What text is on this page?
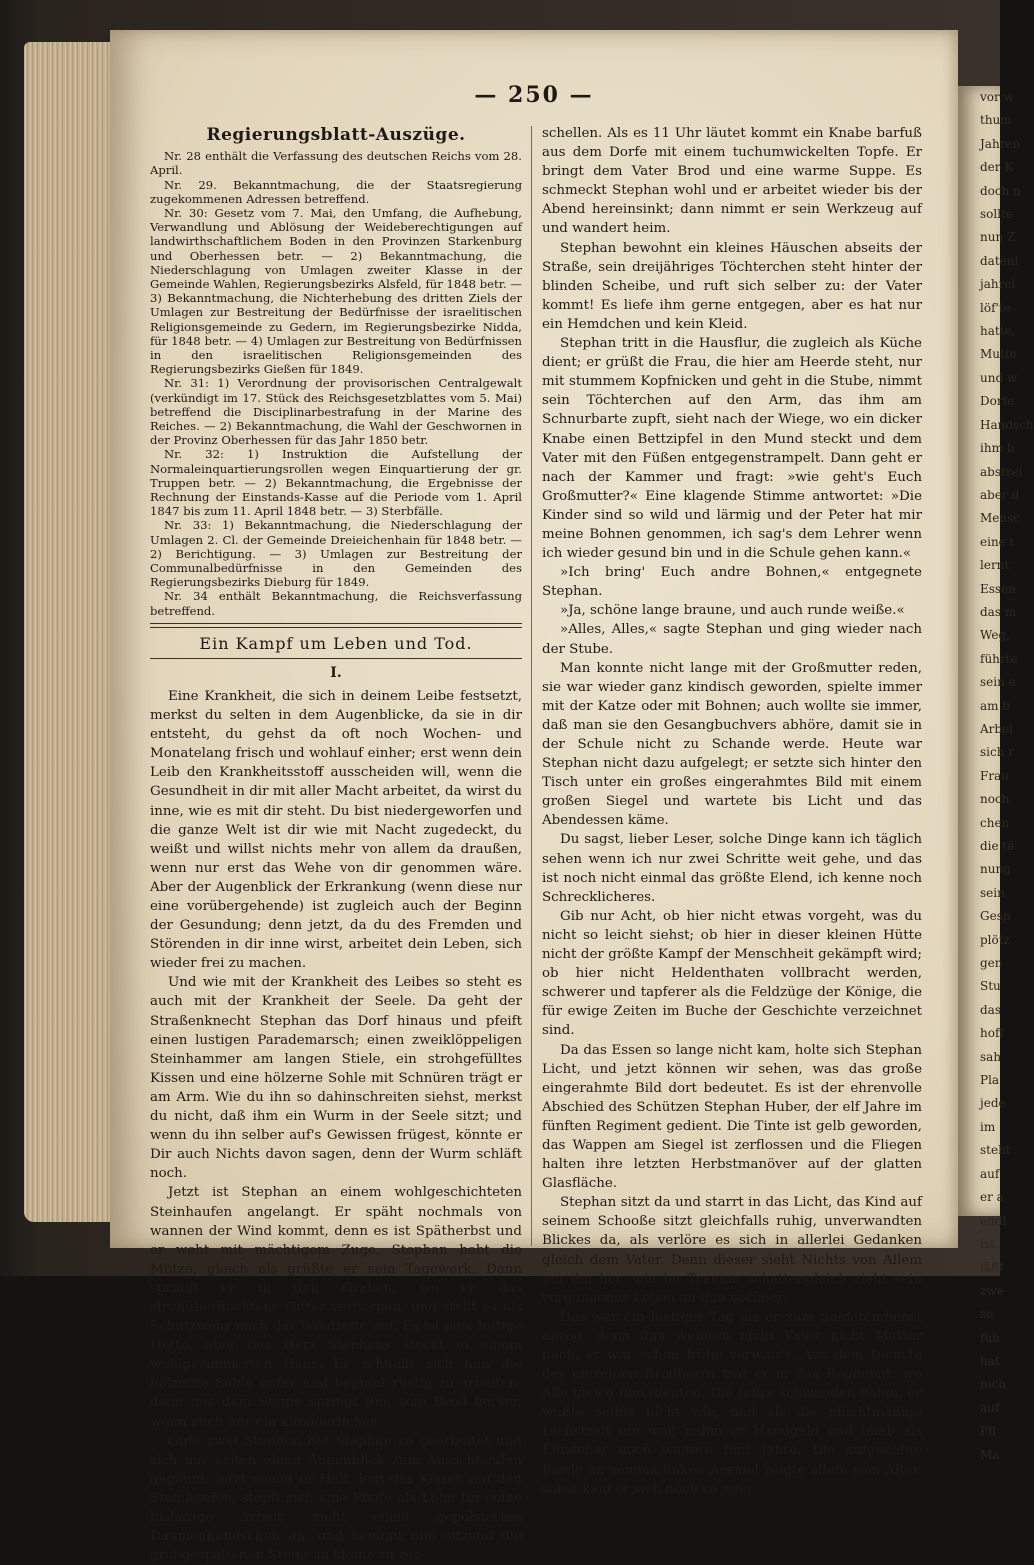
vor w
thum
Jahren
der K
doch n
sollte
nun Z
datenl
jahrel
löf'te
hatte,
Mutte
und w
Dorfe
Handsch
ihm b
abstrei
aber d
Mensc
eine t
lernt
Essen
das m
Weg,
führte
sein e
am li
Arbei
sich r
Frau
noch
chen
die tä
nung
sein
Gesp
plötz
gen
Stu
das
hoff
sah
Pla
jede
im
steht
auf
er a
endl
ist
läßt
zwe
so
füh
hat
nich
auf
Pfl
Ma
— 250 —
Regierungsblatt-Auszüge.

Nr. 28 enthält die Verfassung des deutschen Reichs vom 28. April.

Nr. 29. Bekanntmachung, die der Staatsregierung zugekommenen Adressen betreffend.

Nr. 30: Gesetz vom 7. Mai, den Umfang, die Aufhebung, Verwandlung und Ablösung der Weideberechtigungen auf landwirthschaftlichem Boden in den Provinzen Starkenburg und Oberhessen betr. — 2) Bekanntmachung, die Niederschlagung von Umlagen zweiter Klasse in der Gemeinde Wahlen, Regierungsbezirks Alsfeld, für 1848 betr. — 3) Bekanntmachung, die Nichterhebung des dritten Ziels der Umlagen zur Bestreitung der Bedürfnisse der israelitischen Religionsgemeinde zu Gedern, im Regierungsbezirke Nidda, für 1848 betr. — 4) Umlagen zur Bestreitung von Bedürfnissen in den israelitischen Religionsgemeinden des Regierungsbezirks Gießen für 1849.

Nr. 31: 1) Verordnung der provisorischen Centralgewalt (verkündigt im 17. Stück des Reichsgesetzblattes vom 5. Mai) betreffend die Disciplinarbestrafung in der Marine des Reiches. — 2) Bekanntmachung, die Wahl der Geschwornen in der Provinz Oberhessen für das Jahr 1850 betr.

Nr. 32: 1) Instruktion die Aufstellung der Normaleinquartierungsrollen wegen Einquartierung der gr. Truppen betr. — 2) Bekanntmachung, die Ergebnisse der Rechnung der Einstands-Kasse auf die Periode vom 1. April 1847 bis zum 11. April 1848 betr. — 3) Sterbfälle.

Nr. 33: 1) Bekanntmachung, die Niederschlagung der Umlagen 2. Cl. der Gemeinde Dreieichenhain für 1848 betr. — 2) Berichtigung. — 3) Umlagen zur Bestreitung der Communalbedürfnisse in den Gemeinden des Regierungsbezirks Dieburg für 1849.

Nr. 34 enthält Bekanntmachung, die Reichsverfassung betreffend.

Ein Kampf um Leben und Tod.
I.

Eine Krankheit, die sich in deinem Leibe festsetzt, merkst du selten in dem Augenblicke, da sie in dir entsteht, du gehst da oft noch Wochen- und Monatelang frisch und wohlauf einher; erst wenn dein Leib den Krankheitsstoff ausscheiden will, wenn die Gesundheit in dir mit aller Macht arbeitet, da wirst du inne, wie es mit dir steht. Du bist niedergeworfen und die ganze Welt ist dir wie mit Nacht zugedeckt, du weißt und willst nichts mehr von allem da draußen, wenn nur erst das Wehe von dir genommen wäre. Aber der Augenblick der Erkrankung (wenn diese nur eine vorübergehende) ist zugleich auch der Beginn der Gesundung; denn jetzt, da du des Fremden und Störenden in dir inne wirst, arbeitet dein Leben, sich wieder frei zu machen.

Und wie mit der Krankheit des Leibes so steht es auch mit der Krankheit der Seele. Da geht der Straßenknecht Stephan das Dorf hinaus und pfeift einen lustigen Parademarsch; einen zweiklöppeligen Steinhammer am langen Stiele, ein strohgefülltes Kissen und eine hölzerne Sohle mit Schnüren trägt er am Arm. Wie du ihn so dahinschreiten siehst, merkst du nicht, daß ihm ein Wurm in der Seele sitzt; und wenn du ihn selber auf's Gewissen frügest, könnte er Dir auch Nichts davon sagen, denn der Wurm schläft noch.

Jetzt ist Stephan an einem wohlgeschichteten Steinhaufen angelangt. Er späht nochmals von wannen der Wind kommt, denn es ist Spätherbst und er weht mit mächtigem Zuge. Stephan hebt die Mütze, gleich als grüßte er sein Tagewerk. Dann springt er in den Graben, wo er das strohüberflochtene Gitter verborgen, und stellt es als Schutzwehr nach der Windseite auf. Es ist eine luftige Hütte, aber das Herz Stephans steckt in einem wohlgezimmerten Haus. Er schnallt sich nun die hölzerne Sohle unter und beginnt rüstig zu arbeiten; denn aus dem Steine springt ihm sein Brod hervor, wenn auch nur ein kümmerliches.

Gute zwei Stunden hat Stephan so gearbeitet und sich nur selten einen Augenblick zum Ausschnaufen gegönnt; jetzt macht er Halt, legt das Kissen auf den Steinhaufen, stopft sich eine Pfeife als Lohn für seine bisherige Arbeit, zieht einen gepolsterten Daumenhandschuh an, und beginnt nun sitzend die grobgespaltenen Steine in kleine zu zer-

schellen. Als es 11 Uhr läutet kommt ein Knabe barfuß aus dem Dorfe mit einem tuchumwickelten Topfe. Er bringt dem Vater Brod und eine warme Suppe. Es schmeckt Stephan wohl und er arbeitet wieder bis der Abend hereinsinkt; dann nimmt er sein Werkzeug auf und wandert heim.

Stephan bewohnt ein kleines Häuschen abseits der Straße, sein dreijähriges Töchterchen steht hinter der blinden Scheibe, und ruft sich selber zu: der Vater kommt! Es liefe ihm gerne entgegen, aber es hat nur ein Hemdchen und kein Kleid.

Stephan tritt in die Hausflur, die zugleich als Küche dient; er grüßt die Frau, die hier am Heerde steht, nur mit stummem Kopfnicken und geht in die Stube, nimmt sein Töchterchen auf den Arm, das ihm am Schnurbarte zupft, sieht nach der Wiege, wo ein dicker Knabe einen Bettzipfel in den Mund steckt und dem Vater mit den Füßen entgegenstrampelt. Dann geht er nach der Kammer und fragt: »wie geht's Euch Großmutter?« Eine klagende Stimme antwortet: »Die Kinder sind so wild und lärmig und der Peter hat mir meine Bohnen genommen, ich sag's dem Lehrer wenn ich wieder gesund bin und in die Schule gehen kann.«

»Ich bring' Euch andre Bohnen,« entgegnete Stephan.

»Ja, schöne lange braune, und auch runde weiße.«

»Alles, Alles,« sagte Stephan und ging wieder nach der Stube.

Man konnte nicht lange mit der Großmutter reden, sie war wieder ganz kindisch geworden, spielte immer mit der Katze oder mit Bohnen; auch wollte sie immer, daß man sie den Gesangbuchvers abhöre, damit sie in der Schule nicht zu Schande werde. Heute war Stephan nicht dazu aufgelegt; er setzte sich hinter den Tisch unter ein großes eingerahmtes Bild mit einem großen Siegel und wartete bis Licht und das Abendessen käme.

Du sagst, lieber Leser, solche Dinge kann ich täglich sehen wenn ich nur zwei Schritte weit gehe, und das ist noch nicht einmal das größte Elend, ich kenne noch Schrecklicheres.

Gib nur Acht, ob hier nicht etwas vorgeht, was du nicht so leicht siehst; ob hier in dieser kleinen Hütte nicht der größte Kampf der Menschheit gekämpft wird; ob hier nicht Heldenthaten vollbracht werden, schwerer und tapferer als die Feldzüge der Könige, die für ewige Zeiten im Buche der Geschichte verzeichnet sind.

Da das Essen so lange nicht kam, holte sich Stephan Licht, und jetzt können wir sehen, was das große eingerahmte Bild dort bedeutet. Es ist der ehrenvolle Abschied des Schützen Stephan Huber, der elf Jahre im fünften Regiment gedient. Die Tinte ist gelb geworden, das Wappen am Siegel ist zerflossen und die Fliegen halten ihre letzten Herbstmanöver auf der glatten Glasfläche.

Stephan sitzt da und starrt in das Licht, das Kind auf seinem Schooße sitzt gleichfalls ruhig, unverwandten Blickes da, als verlöre es sich in allerlei Gedanken gleich dem Vater. Denn dieser sieht Nichts von Allem um ihn her, wie im Traume schattengleich zieht sein vergangenes Leben an ihm vorüber.

Das war ein lustiger Tag als er zum Soldatendienst abzog, denn ihm weinten nicht Vater nicht Mutter nach, er war schon frühe verwais't. Aus dem Dienste des einzelnen Brodherrn trat er in das Regiment, wo Alle gleich ihm dienten. Die Jahre schwanden dahin, er wußte selbst nicht wie, und als die pflichtmäßige Dienstzeit um war, nahm er Handgeld und blieb als Einsteher noch weitere fünf Jahre. Die aufgenähte Borde an seinem linken Aermel zeigte allein sein Alter, sonst kam er sich noch so jung
